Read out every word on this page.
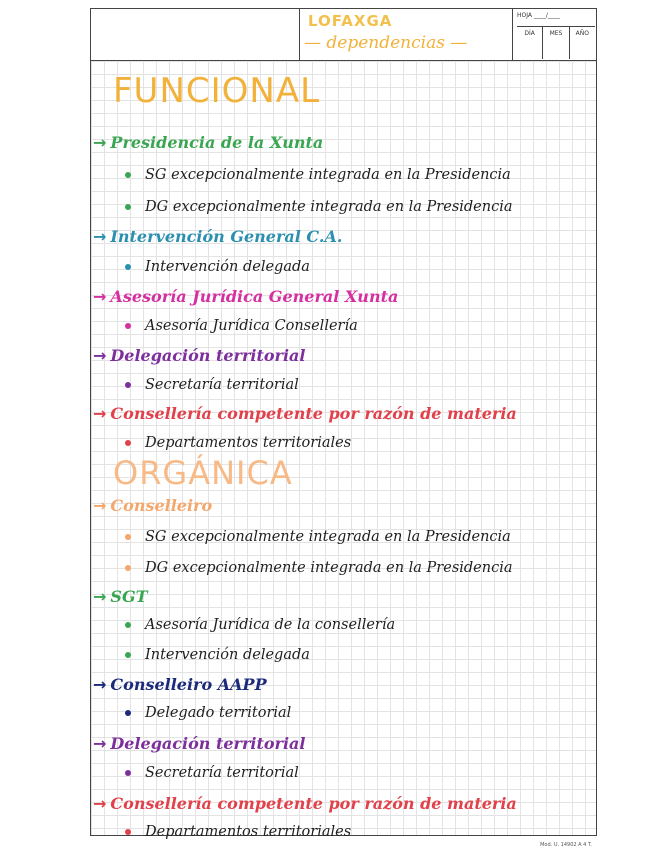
LOFAXGA
— dependencias —
HOJA ____/____
DÍA	MES	AÑO
Mod. U. 14902 A 4 T.
FUNCIONAL
→ Presidencia de la Xunta
SG excepcionalmente integrada en la Presidencia
DG excepcionalmente integrada en la Presidencia
→ Intervención General C.A.
Intervención delegada
→ Asesoría Jurídica General Xunta
Asesoría Jurídica Consellería
→ Delegación territorial
Secretaría territorial
→ Consellería competente por razón de materia
Departamentos territoriales
ORGÁNICA
→ Conselleiro
SG excepcionalmente integrada en la Presidencia
DG excepcionalmente integrada en la Presidencia
→ SGT
Asesoría Jurídica de la consellería
Intervención delegada
→ Conselleiro AAPP
Delegado territorial
→ Delegación territorial
Secretaría territorial
→ Consellería competente por razón de materia
Departamentos territoriales
